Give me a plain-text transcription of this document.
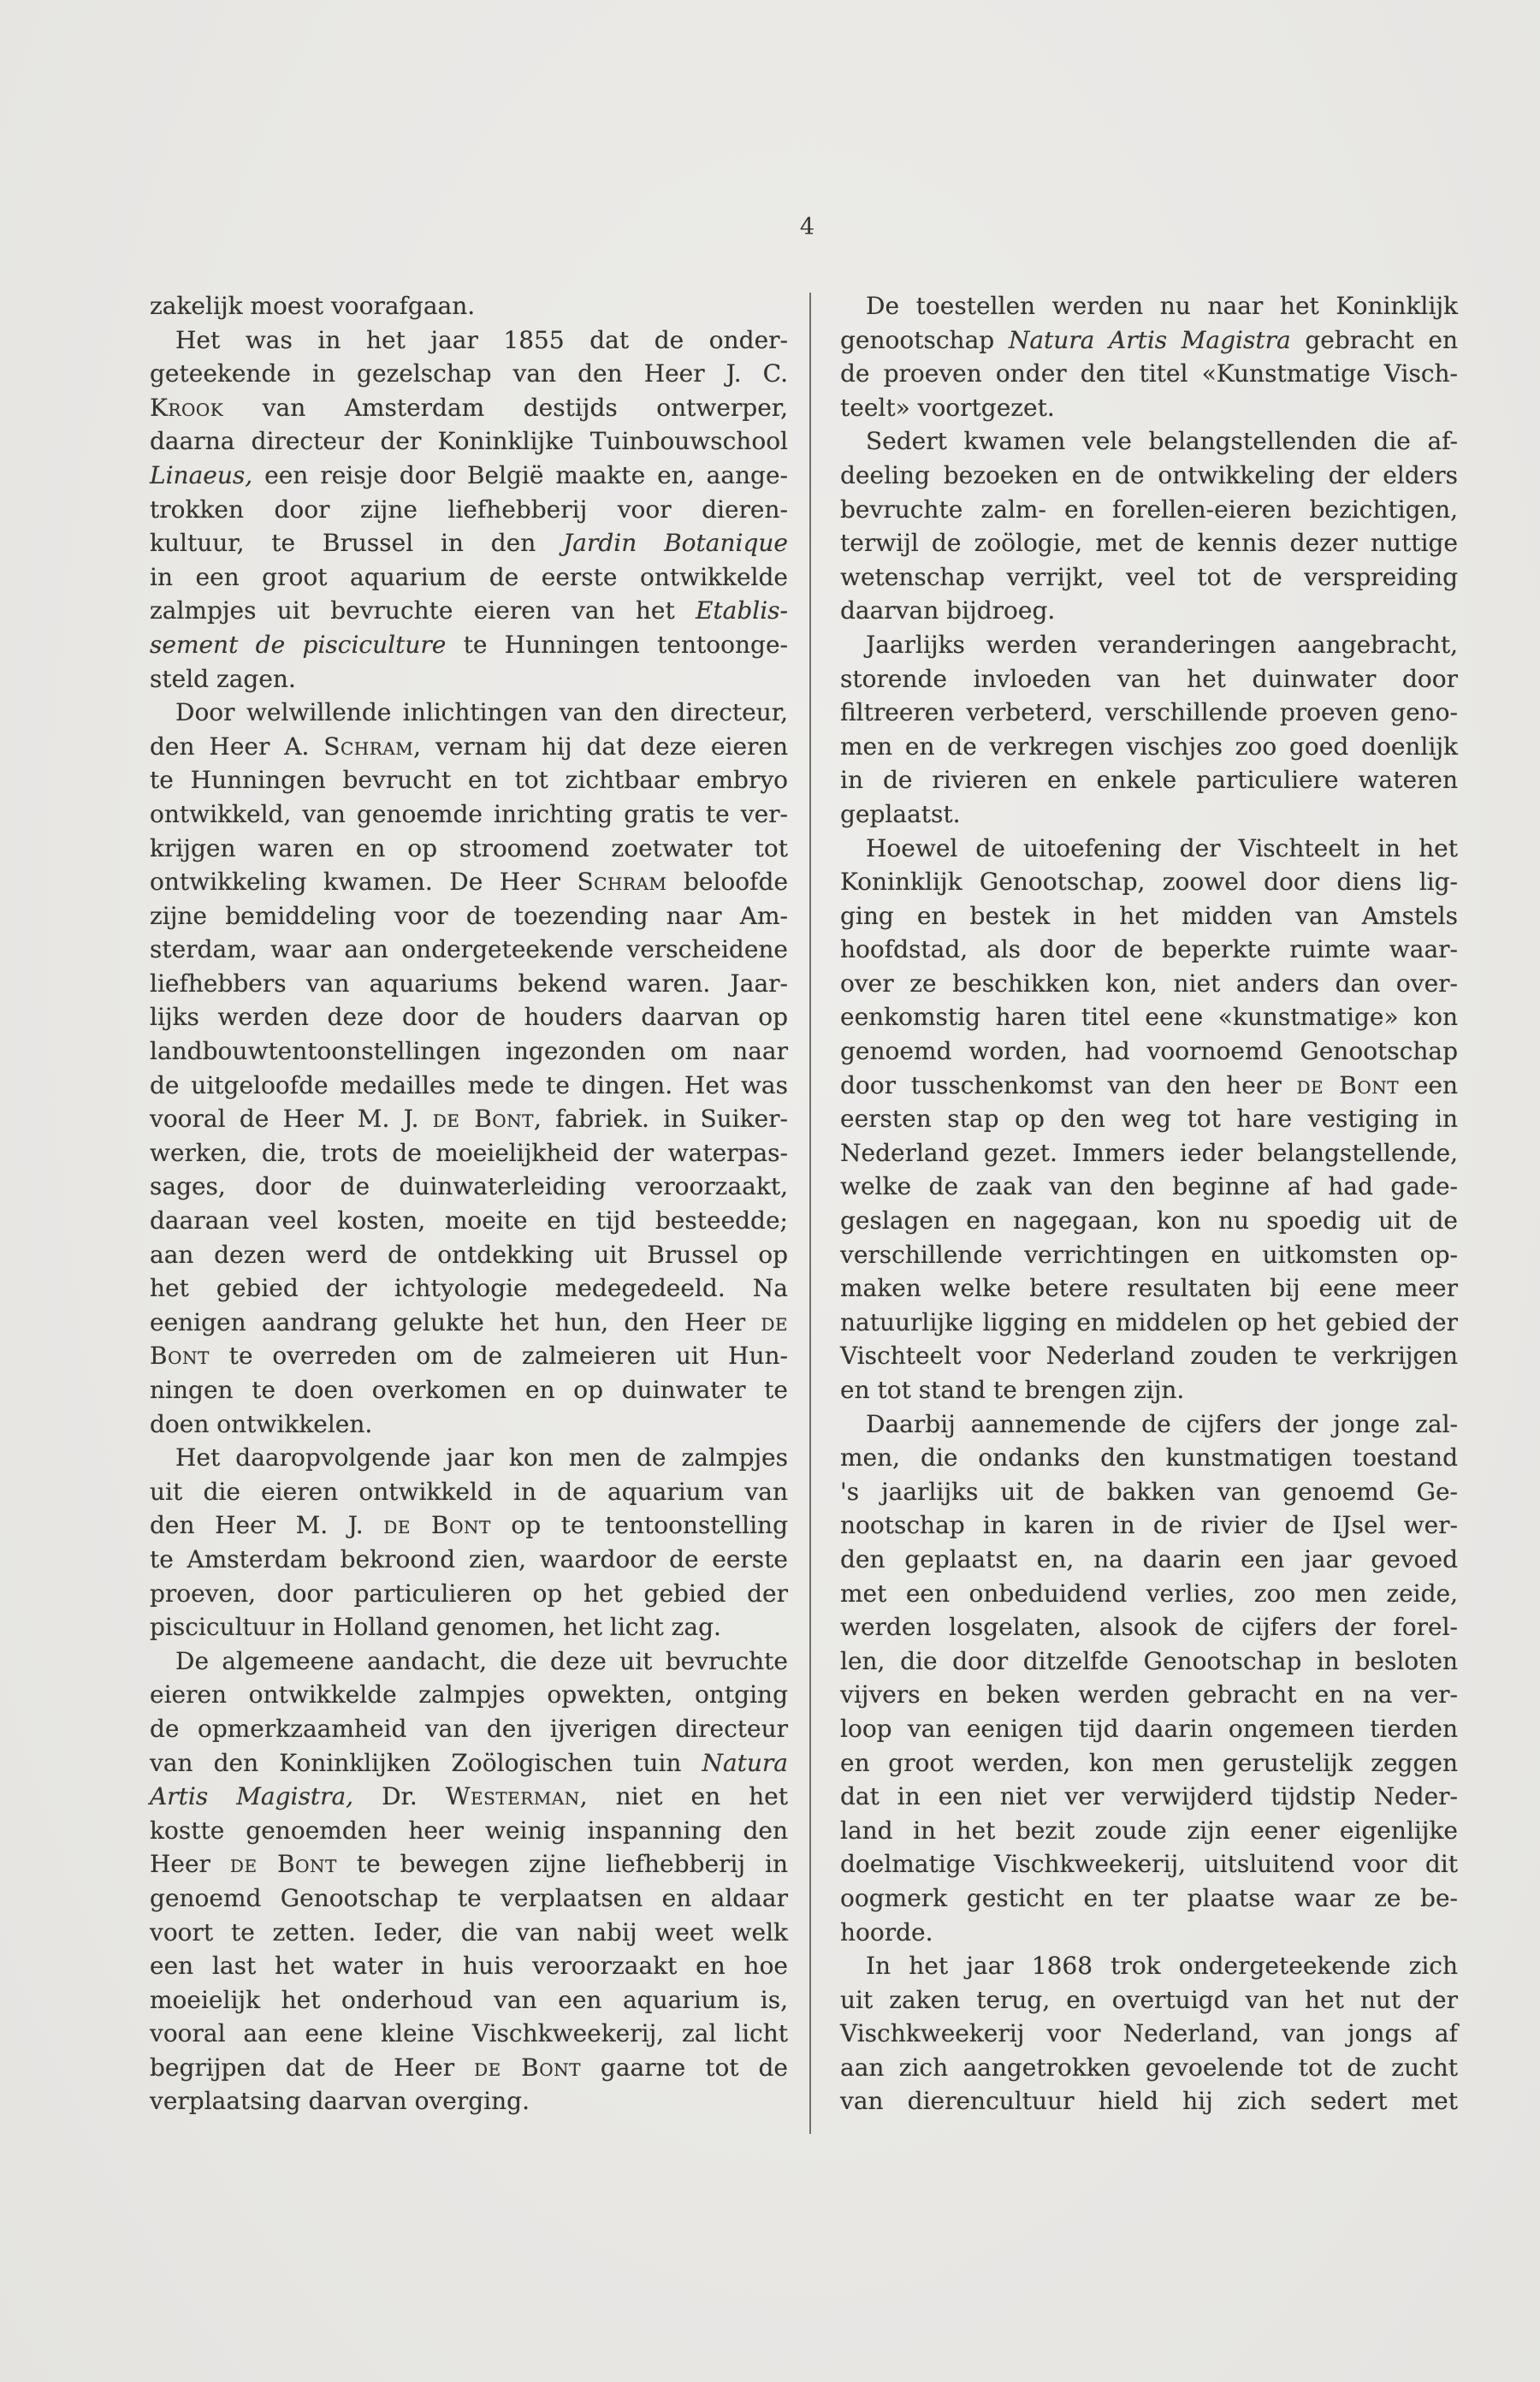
4
zakelijk moest voorafgaan.
Het was in het jaar 1855 dat de onder-
geteekende in gezelschap van den Heer J. C.
Krook van Amsterdam destijds ontwerper,
daarna directeur der Koninklijke Tuinbouwschool
Linaeus, een reisje door België maakte en, aange-
trokken door zijne liefhebberij voor dieren-
kultuur, te Brussel in den Jardin Botanique
in een groot aquarium de eerste ontwikkelde
zalmpjes uit bevruchte eieren van het Etablis-
sement de pisciculture te Hunningen tentoonge-
steld zagen.
Door welwillende inlichtingen van den directeur,
den Heer A. Schram, vernam hij dat deze eieren
te Hunningen bevrucht en tot zichtbaar embryo
ontwikkeld, van genoemde inrichting gratis te ver-
krijgen waren en op stroomend zoetwater tot
ontwikkeling kwamen. De Heer Schram beloofde
zijne bemiddeling voor de toezending naar Am-
sterdam, waar aan ondergeteekende verscheidene
liefhebbers van aquariums bekend waren. Jaar-
lijks werden deze door de houders daarvan op
landbouwtentoonstellingen ingezonden om naar
de uitgeloofde medailles mede te dingen. Het was
vooral de Heer M. J. de Bont, fabriek. in Suiker-
werken, die, trots de moeielijkheid der waterpas-
sages, door de duinwaterleiding veroorzaakt,
daaraan veel kosten, moeite en tijd besteedde;
aan dezen werd de ontdekking uit Brussel op
het gebied der ichtyologie medegedeeld. Na
eenigen aandrang gelukte het hun, den Heer de
Bont te overreden om de zalmeieren uit Hun-
ningen te doen overkomen en op duinwater te
doen ontwikkelen.
Het daaropvolgende jaar kon men de zalmpjes
uit die eieren ontwikkeld in de aquarium van
den Heer M. J. de Bont op te tentoonstelling
te Amsterdam bekroond zien, waardoor de eerste
proeven, door particulieren op het gebied der
piscicultuur in Holland genomen, het licht zag.
De algemeene aandacht, die deze uit bevruchte
eieren ontwikkelde zalmpjes opwekten, ontging
de opmerkzaamheid van den ijverigen directeur
van den Koninklijken Zoölogischen tuin Natura
Artis Magistra, Dr. Westerman, niet en het
kostte genoemden heer weinig inspanning den
Heer de Bont te bewegen zijne liefhebberij in
genoemd Genootschap te verplaatsen en aldaar
voort te zetten. Ieder, die van nabij weet welk
een last het water in huis veroorzaakt en hoe
moeielijk het onderhoud van een aquarium is,
vooral aan eene kleine Vischkweekerij, zal licht
begrijpen dat de Heer de Bont gaarne tot de
verplaatsing daarvan overging.
De toestellen werden nu naar het Koninklijk
genootschap Natura Artis Magistra gebracht en
de proeven onder den titel «Kunstmatige Visch-
teelt» voortgezet.
Sedert kwamen vele belangstellenden die af-
deeling bezoeken en de ontwikkeling der elders
bevruchte zalm- en forellen-eieren bezichtigen,
terwijl de zoölogie, met de kennis dezer nuttige
wetenschap verrijkt, veel tot de verspreiding
daarvan bijdroeg.
Jaarlijks werden veranderingen aangebracht,
storende invloeden van het duinwater door
filtreeren verbeterd, verschillende proeven geno-
men en de verkregen vischjes zoo goed doenlijk
in de rivieren en enkele particuliere wateren
geplaatst.
Hoewel de uitoefening der Vischteelt in het
Koninklijk Genootschap, zoowel door diens lig-
ging en bestek in het midden van Amstels
hoofdstad, als door de beperkte ruimte waar-
over ze beschikken kon, niet anders dan over-
eenkomstig haren titel eene «kunstmatige» kon
genoemd worden, had voornoemd Genootschap
door tusschenkomst van den heer de Bont een
eersten stap op den weg tot hare vestiging in
Nederland gezet. Immers ieder belangstellende,
welke de zaak van den beginne af had gade-
geslagen en nagegaan, kon nu spoedig uit de
verschillende verrichtingen en uitkomsten op-
maken welke betere resultaten bij eene meer
natuurlijke ligging en middelen op het gebied der
Vischteelt voor Nederland zouden te verkrijgen
en tot stand te brengen zijn.
Daarbij aannemende de cijfers der jonge zal-
men, die ondanks den kunstmatigen toestand
's jaarlijks uit de bakken van genoemd Ge-
nootschap in karen in de rivier de IJsel wer-
den geplaatst en, na daarin een jaar gevoed
met een onbeduidend verlies, zoo men zeide,
werden losgelaten, alsook de cijfers der forel-
len, die door ditzelfde Genootschap in besloten
vijvers en beken werden gebracht en na ver-
loop van eenigen tijd daarin ongemeen tierden
en groot werden, kon men gerustelijk zeggen
dat in een niet ver verwijderd tijdstip Neder-
land in het bezit zoude zijn eener eigenlijke
doelmatige Vischkweekerij, uitsluitend voor dit
oogmerk gesticht en ter plaatse waar ze be-
hoorde.
In het jaar 1868 trok ondergeteekende zich
uit zaken terug, en overtuigd van het nut der
Vischkweekerij voor Nederland, van jongs af
aan zich aangetrokken gevoelende tot de zucht
van dierencultuur hield hij zich sedert met
